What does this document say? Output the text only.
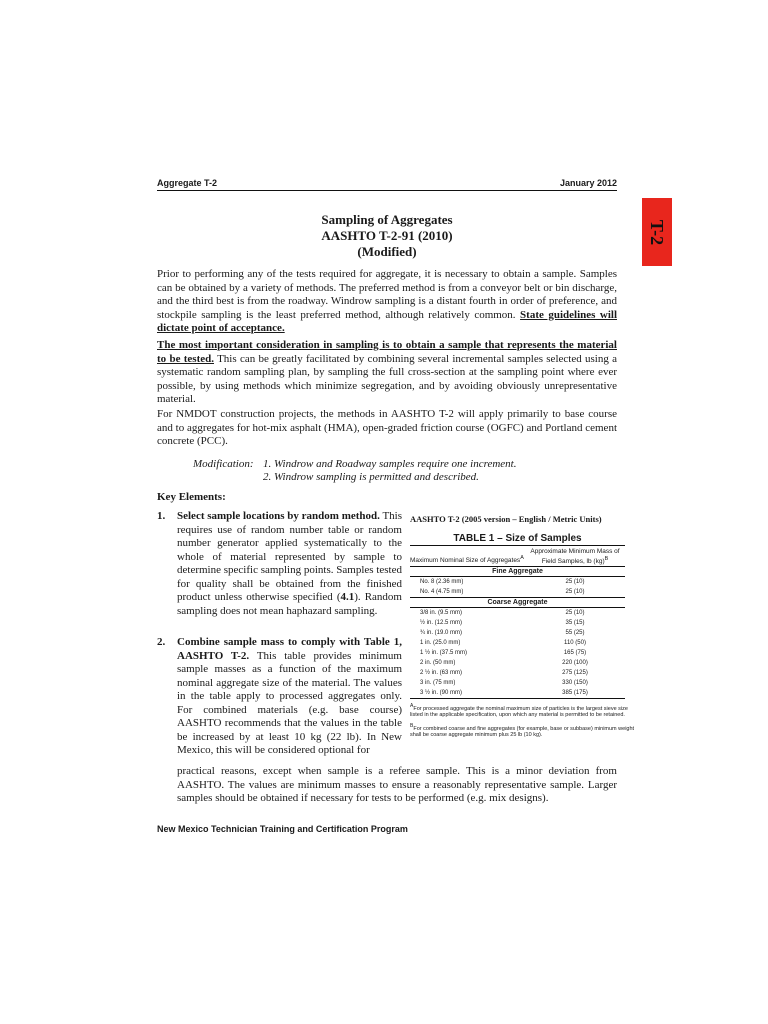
Aggregate T-2	January 2012
T-2
Sampling of Aggregates
AASHTO T-2-91 (2010)
(Modified)

Prior to performing any of the tests required for aggregate, it is necessary to obtain a sample. Samples can be obtained by a variety of methods. The preferred method is from a conveyor belt or bin discharge, and the third best is from the roadway. Windrow sampling is a distant fourth in order of preference, and stockpile sampling is the least preferred method, although relatively common. State guidelines will dictate point of acceptance.

The most important consideration in sampling is to obtain a sample that represents the material to be tested. This can be greatly facilitated by combining several incremental samples selected using a systematic random sampling plan, by sampling the full cross-section at the sampling point where ever possible, by using methods which minimize segregation, and by avoiding obviously unrepresentative material.

For NMDOT construction projects, the methods in AASHTO T-2 will apply primarily to base course and to aggregates for hot-mix asphalt (HMA), open-graded friction course (OGFC) and Portland cement concrete (PCC).

Modification: 1. Windrow and Roadway samples require one increment.
2. Windrow sampling is permitted and described.
Key Elements:
1. Select sample locations by random method. This requires use of random number table or random number generator applied systematically to the whole of material represented by sample to determine specific sampling points. Samples tested for quality shall be obtained from the finished product unless otherwise specified (4.1). Random sampling does not mean haphazard sampling.
2. Combine sample mass to comply with Table 1, AASHTO T-2. This table provides minimum sample masses as a function of the maximum nominal aggregate size of the material. The values in the table apply to processed aggregates only. For combined materials (e.g. base course) AASHTO recommends that the values in the table be increased by at least 10 kg (22 lb). In New Mexico, this will be considered optional for

practical reasons, except when sample is a referee sample. This is a minor deviation from AASHTO. The values are minimum masses to ensure a reasonably representative sample. Larger samples should be obtained if necessary for tests to be performed (e.g. mix designs).

AASHTO T-2 (2005 version – English / Metric Units)
TABLE 1 – Size of Samples
Maximum Nominal Size of Aggregates$^A$
Approximate Minimum Mass of Field Samples, lb (kg)$^B$
Fine Aggregate
No. 8 (2.36 mm)	25 (10)
No. 4 (4.75 mm)	25 (10)
Coarse Aggregate
3/8 in. (9.5 mm)	25 (10)
½ in. (12.5 mm)	35 (15)
¾ in. (19.0 mm)	55 (25)
1 in. (25.0 mm)	110 (50)
1 ½ in. (37.5 mm)	165 (75)
2 in. (50 mm)	220 (100)
2 ½ in. (63 mm)	275 (125)
3 in. (75 mm)	330 (150)
3 ½ in. (90 mm)	385 (175)

$^A$For processed aggregate the nominal maximum size of particles is the largest sieve size listed in the applicable specification, upon which any material is permitted to be retained.

$^B$For combined coarse and fine aggregates (for example, base or subbase) minimum weight shall be coarse aggregate minimum plus 25 lb (10 kg).

New Mexico Technician Training and Certification Program
